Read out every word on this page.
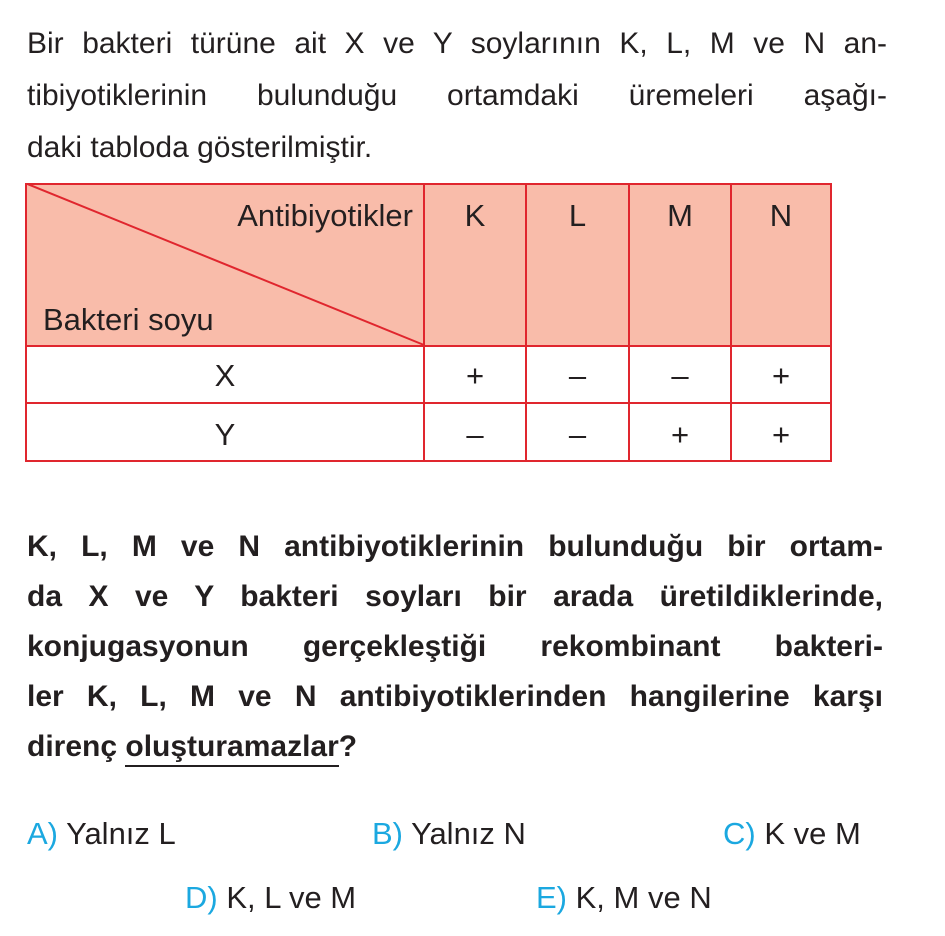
Bir bakteri türüne ait X ve Y soylarının K, L, M ve N an-
tibiyotiklerinin bulunduğu ortamdaki üremeleri aşağı-
daki tabloda gösterilmiştir.
Antibiyotikler
Bakteri soyu
K	L	M	N
X	+	–	–	+
Y	–	–	+	+
K, L, M ve N antibiyotiklerinin bulunduğu bir ortam-
da X ve Y bakteri soyları bir arada üretildiklerinde,
konjugasyonun gerçekleştiği rekombinant bakteri-
ler K, L, M ve N antibiyotiklerinden hangilerine karşı
direnç oluşturamazlar?
A) Yalnız L	B) Yalnız N	C) K ve M
D) K, L ve M	E) K, M ve N
